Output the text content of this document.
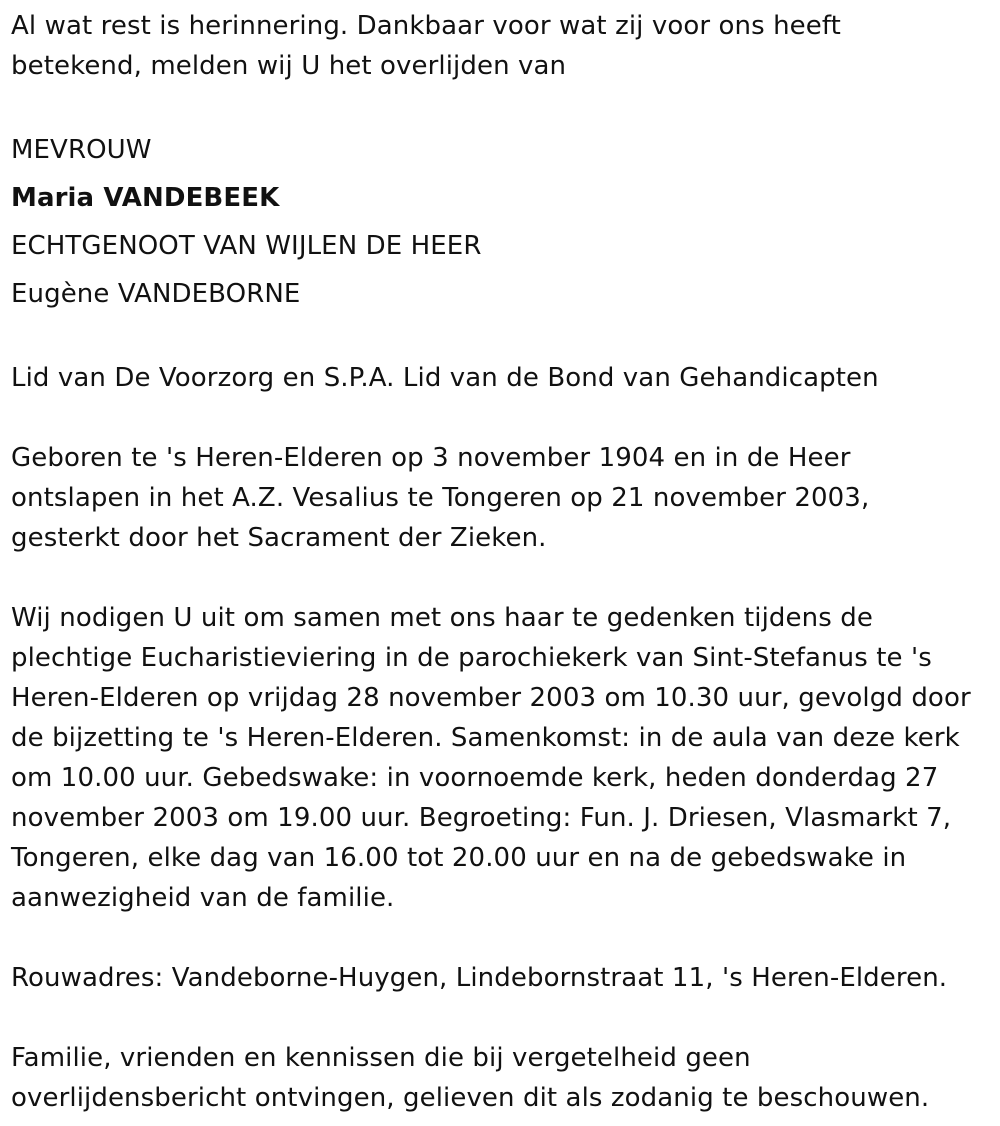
Al wat rest is herinnering. Dankbaar voor wat zij voor ons heeft
betekend, melden wij U het overlijden van

MEVROUW
Maria VANDEBEEK
ECHTGENOOT VAN WIJLEN DE HEER
Eugène VANDEBORNE

Lid van De Voorzorg en S.P.A. Lid van de Bond van Gehandicapten

Geboren te 's Heren-Elderen op 3 november 1904 en in de Heer
ontslapen in het A.Z. Vesalius te Tongeren op 21 november 2003,
gesterkt door het Sacrament der Zieken.

Wij nodigen U uit om samen met ons haar te gedenken tijdens de
plechtige Eucharistieviering in de parochiekerk van Sint-Stefanus te 's
Heren-Elderen op vrijdag 28 november 2003 om 10.30 uur, gevolgd door
de bijzetting te 's Heren-Elderen. Samenkomst: in de aula van deze kerk
om 10.00 uur. Gebedswake: in voornoemde kerk, heden donderdag 27
november 2003 om 19.00 uur. Begroeting: Fun. J. Driesen, Vlasmarkt 7,
Tongeren, elke dag van 16.00 tot 20.00 uur en na de gebedswake in
aanwezigheid van de familie.

Rouwadres: Vandeborne-Huygen, Lindebornstraat 11, 's Heren-Elderen.

Familie, vrienden en kennissen die bij vergetelheid geen
overlijdensbericht ontvingen, gelieven dit als zodanig te beschouwen.
